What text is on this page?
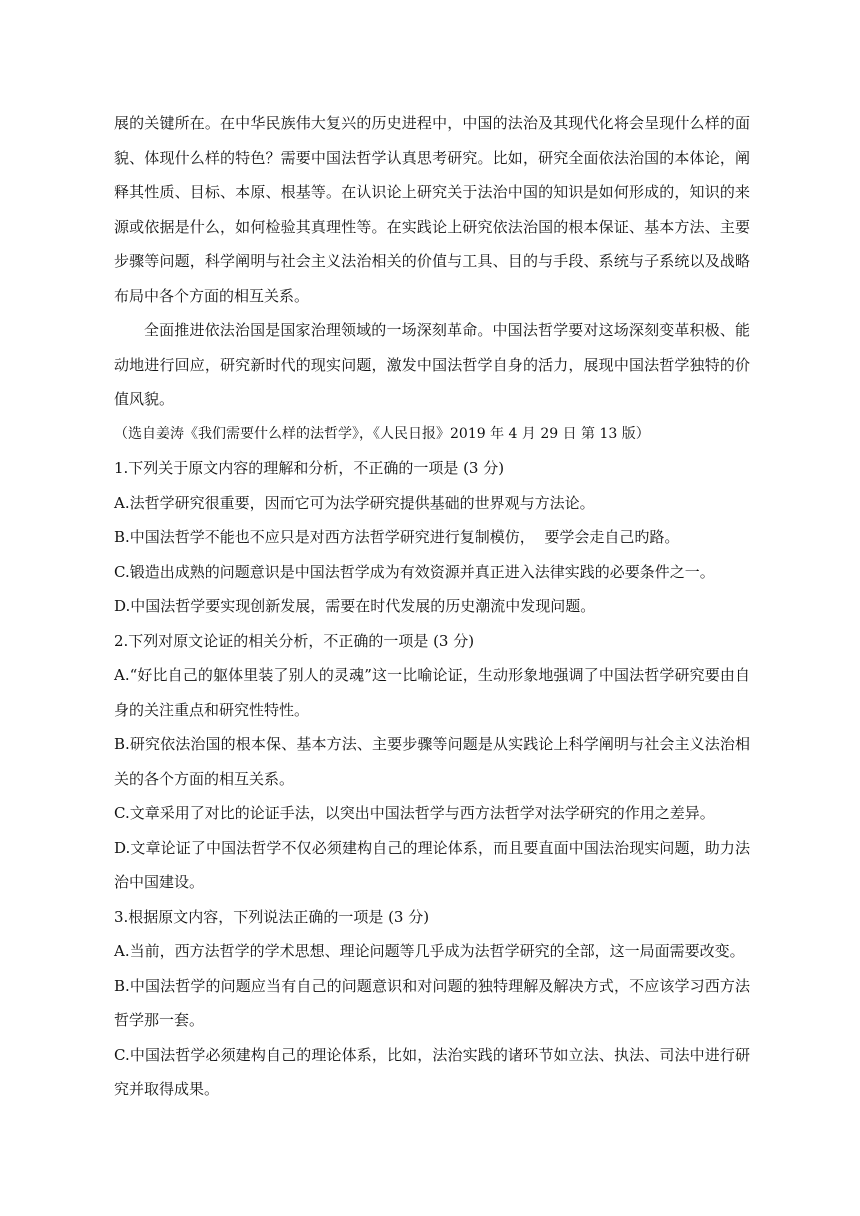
展的关键所在。在中华民族伟大复兴的历史进程中，中国的法治及其现代化将会呈现什么样的面貌、体现什么样的特色？需要中国法哲学认真思考研究。比如，研究全面依法治国的本体论，阐释其性质、目标、本原、根基等。在认识论上研究关于法治中国的知识是如何形成的，知识的来源或依据是什么，如何检验其真理性等。在实践论上研究依法治国的根本保证、基本方法、主要步骤等问题，科学阐明与社会主义法治相关的价值与工具、目的与手段、系统与子系统以及战略布局中各个方面的相互关系。

全面推进依法治国是国家治理领域的一场深刻革命。中国法哲学要对这场深刻变革积极、能动地进行回应，研究新时代的现实问题，激发中国法哲学自身的活力，展现中国法哲学独特的价值风貌。

（选自姜涛《我们需要什么样的法哲学》，《人民日报》2019 年 4 月 29 日 第 13 版）

1.下列关于原文内容的理解和分析，不正确的一项是 (3 分)

A.法哲学研究很重要，因而它可为法学研究提供基础的世界观与方法论。

B.中国法哲学不能也不应只是对西方法哲学研究进行复制模仿，  要学会走自己旳路。

C.锻造出成熟的问题意识是中国法哲学成为有效资源并真正进入法律实践的必要条件之一。

D.中国法哲学要实现创新发展，需要在时代发展的历史潮流中发现问题。

2.下列对原文论证的相关分析，不正确的一项是 (3 分)

A.“好比自己的躯体里装了别人的灵魂”这一比喻论证，生动形象地强调了中国法哲学研究要由自身的关注重点和研究性特性。

B.研究依法治国的根本保、基本方法、主要步骤等问题是从实践论上科学阐明与社会主义法治相关的各个方面的相互关系。

C.文章采用了对比的论证手法，以突出中国法哲学与西方法哲学对法学研究的作用之差异。

D.文章论证了中国法哲学不仅必须建构自己的理论体系，而且要直面中国法治现实问题，助力法治中国建设。

3.根据原文内容，下列说法正确的一项是 (3 分)

A.当前，西方法哲学的学术思想、理论问题等几乎成为法哲学研究的全部，这一局面需要改变。

B.中国法哲学的问题应当有自己的问题意识和对问题的独特理解及解决方式，不应该学习西方法哲学那一套。

C.中国法哲学必须建构自己的理论体系，比如，法治实践的诸环节如立法、执法、司法中进行研究并取得成果。
